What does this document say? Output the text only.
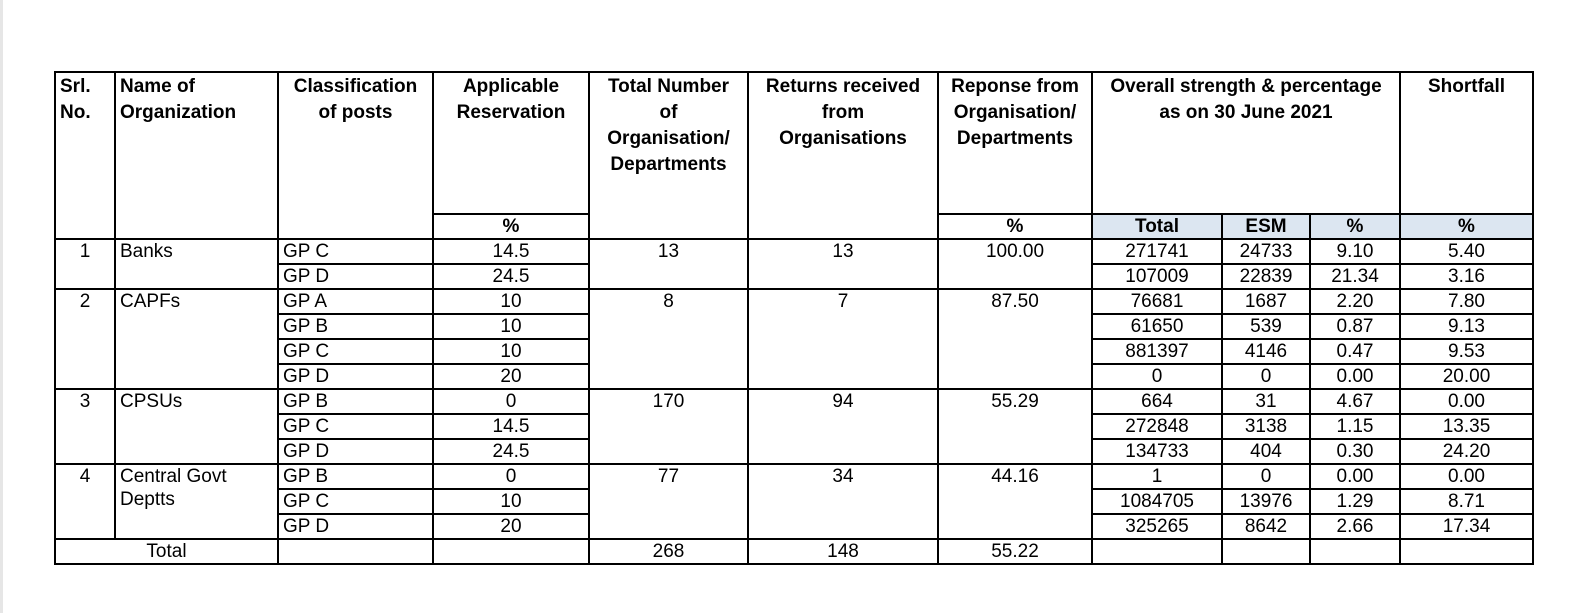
Srl. No.	Name of Organization	Classification of posts	Applicable Reservation	Total Number of Organisation/ Departments	Returns received from Organisations	Reponse from Organisation/ Departments	Overall strength & percentage as on 30 June 2021			Shortfall
			%			%	Total	ESM	%	%
1	Banks	GP C	14.5	13	13	100.00	271741	24733	9.10	5.40
		GP D	24.5				107009	22839	21.34	3.16
2	CAPFs	GP A	10	8	7	87.50	76681	1687	2.20	7.80
		GP B	10				61650	539	0.87	9.13
		GP C	10				881397	4146	0.47	9.53
		GP D	20				0	0	0.00	20.00
3	CPSUs	GP B	0	170	94	55.29	664	31	4.67	0.00
		GP C	14.5				272848	3138	1.15	13.35
		GP D	24.5				134733	404	0.30	24.20
4	Central Govt Deptts	GP B	0	77	34	44.16	1	0	0.00	0.00
		GP C	10				1084705	13976	1.29	8.71
		GP D	20				325265	8642	2.66	17.34
Total				268	148	55.22				
